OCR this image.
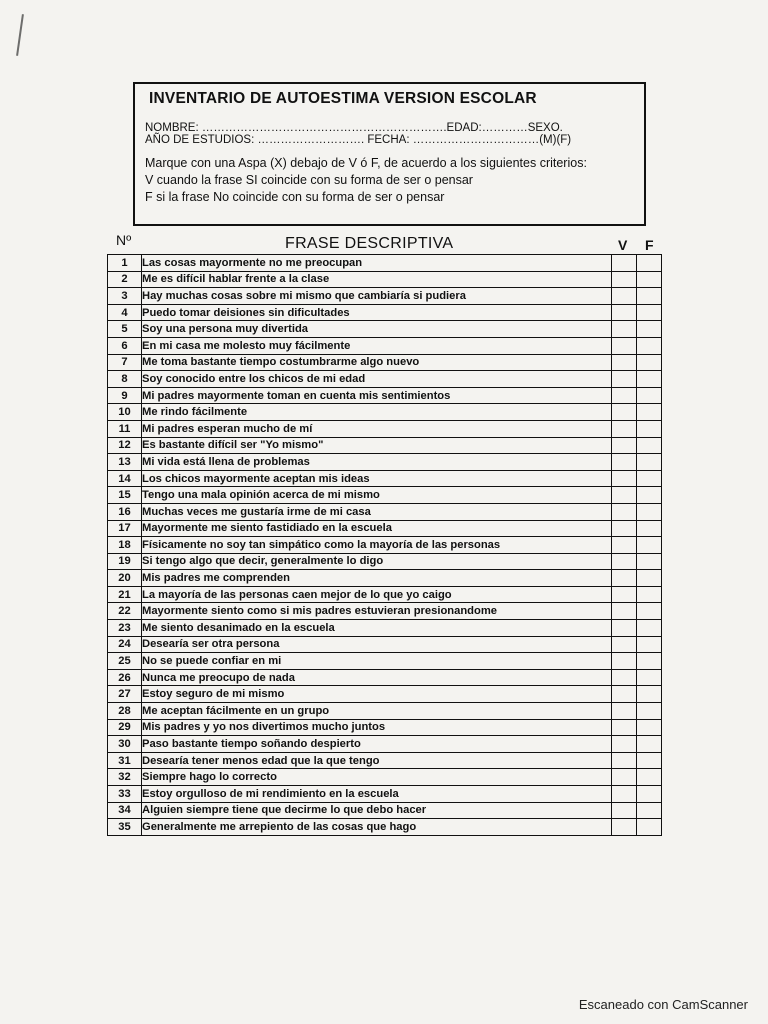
INVENTARIO DE AUTOESTIMA VERSION ESCOLAR
NOMBRE: ……………………………………………………….EDAD:…………SEXO.
AÑO DE ESTUDIOS: ………………………. FECHA: ……………………………(M)(F)
Marque con una Aspa (X) debajo de V ó F, de acuerdo a los siguientes criterios:
V cuando la frase SI coincide con su forma de ser o pensar
F si la frase No coincide con su forma de ser o pensar
Nº	FRASE DESCRIPTIVA	V F
1	Las cosas mayormente no me preocupan		
2	Me es difícil hablar frente a la clase		
3	Hay muchas cosas sobre mi mismo que cambiaría si pudiera		
4	Puedo tomar deisiones sin dificultades		
5	Soy una persona muy divertida		
6	En mi casa me molesto muy fácilmente		
7	Me toma bastante tiempo costumbrarme algo nuevo		
8	Soy conocido entre los chicos de mi edad		
9	Mi padres mayormente toman en cuenta mis sentimientos		
10	Me rindo fácilmente		
11	Mi padres esperan mucho de mí		
12	Es bastante difícil ser "Yo mismo"		
13	Mi vida está llena de problemas		
14	Los chicos mayormente aceptan mis ideas		
15	Tengo una mala opinión acerca de mi mismo		
16	Muchas veces me gustaría irme de mi casa		
17	Mayormente me siento fastidiado en la escuela		
18	Físicamente no soy tan simpático como la mayoría de las personas		
19	Si tengo algo que decir, generalmente lo digo		
20	Mis padres me comprenden		
21	La mayoría de las personas caen mejor de lo que yo caigo		
22	Mayormente siento como si mis padres estuvieran presionandome		
23	Me siento desanimado en la escuela		
24	Desearía ser otra persona		
25	No se puede confiar en mi		
26	Nunca me preocupo de nada		
27	Estoy seguro de mi mismo		
28	Me aceptan fácilmente en un grupo		
29	Mis padres y yo nos divertimos mucho juntos		
30	Paso bastante tiempo soñando despierto		
31	Desearía tener menos edad que la que tengo		
32	Siempre hago lo correcto		
33	Estoy orgulloso de mi rendimiento en la escuela		
34	Alguien siempre tiene que decirme lo que debo hacer		
35	Generalmente me arrepiento de las cosas que hago		
Escaneado con CamScanner
